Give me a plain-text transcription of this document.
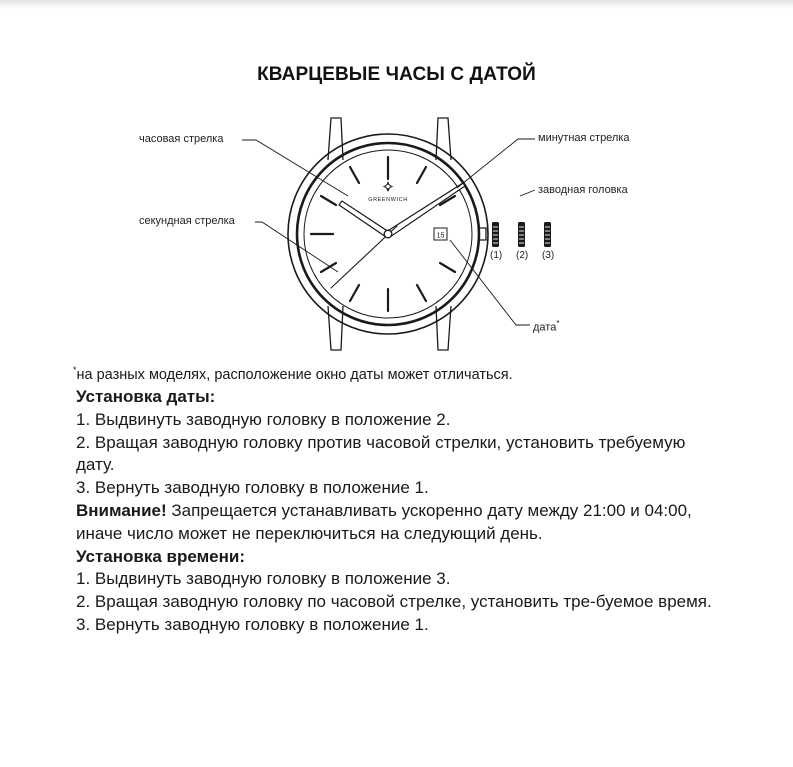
КВАРЦЕВЫЕ ЧАСЫ С ДАТОЙ
15
GREENWICH
часовая стрелка
секундная стрелка
минутная стрелка
заводная головка
дата*
(1) (2) (3)
*на разных моделях, расположение окно даты может отличаться.

Установка даты:

1. Выдвинуть заводную головку в положение 2.

2. Вращая заводную головку против часовой стрелки, установить требуемую дату.

3. Вернуть заводную головку в положение 1.

Внимание! Запрещается устанавливать ускоренно дату между 21:00 и 04:00, иначе число может не переключиться на следующий день.

Установка времени:

1. Выдвинуть заводную головку в положение 3.

2. Вращая заводную головку по часовой стрелке, установить тре-буемое время.

3. Вернуть заводную головку в положение 1.
